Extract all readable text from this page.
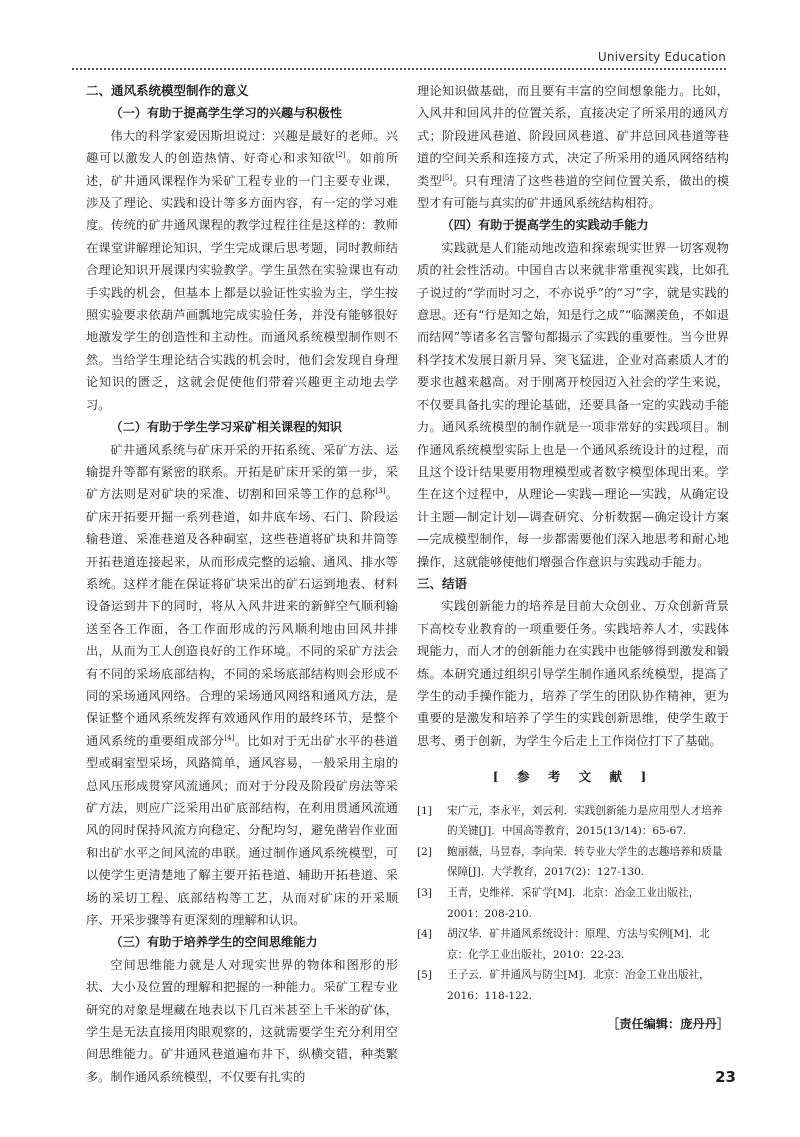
University Education
二、通风系统模型制作的意义
（一）有助于提高学生学习的兴趣与积极性

伟大的科学家爱因斯坦说过：兴趣是最好的老师。兴趣可以激发人的创造热情、好奇心和求知欲[2]。如前所述，矿井通风课程作为采矿工程专业的一门主要专业课，涉及了理论、实践和设计等多方面内容，有一定的学习难度。传统的矿井通风课程的教学过程往往是这样的：教师在课堂讲解理论知识，学生完成课后思考题，同时教师结合理论知识开展课内实验教学。学生虽然在实验课也有动手实践的机会，但基本上都是以验证性实验为主，学生按照实验要求依葫芦画瓢地完成实验任务，并没有能够很好地激发学生的创造性和主动性。而通风系统模型制作则不然。当给学生理论结合实践的机会时，他们会发现自身理论知识的匮乏，这就会促使他们带着兴趣更主动地去学习。

（二）有助于学生学习采矿相关课程的知识

矿井通风系统与矿床开采的开拓系统、采矿方法、运输提升等都有紧密的联系。开拓是矿床开采的第一步，采矿方法则是对矿块的采准、切割和回采等工作的总称[3]。矿床开拓要开掘一系列巷道，如井底车场、石门、阶段运输巷道、采准巷道及各种硐室，这些巷道将矿块和井筒等开拓巷道连接起来，从而形成完整的运输、通风、排水等系统。这样才能在保证将矿块采出的矿石运到地表、材料设备运到井下的同时，将从入风井进来的新鲜空气顺利输送至各工作面，各工作面形成的污风顺利地由回风井排出，从而为工人创造良好的工作环境。不同的采矿方法会有不同的采场底部结构，不同的采场底部结构则会形成不同的采场通风网络。合理的采场通风网络和通风方法，是保证整个通风系统发挥有效通风作用的最终环节，是整个通风系统的重要组成部分[4]。比如对于无出矿水平的巷道型或硐室型采场，风路简单，通风容易，一般采用主扇的总风压形成贯穿风流通风；而对于分段及阶段矿房法等采矿方法，则应广泛采用出矿底部结构，在利用贯通风流通风的同时保持风流方向稳定、分配均匀，避免凿岩作业面和出矿水平之间风流的串联。通过制作通风系统模型，可以使学生更清楚地了解主要开拓巷道、辅助开拓巷道、采场的采切工程、底部结构等工艺，从而对矿床的开采顺序、开采步骤等有更深刻的理解和认识。

（三）有助于培养学生的空间思维能力

空间思维能力就是人对现实世界的物体和图形的形状、大小及位置的理解和把握的一种能力。采矿工程专业研究的对象是埋藏在地表以下几百米甚至上千米的矿体，学生是无法直接用肉眼观察的，这就需要学生充分利用空间思维能力。矿井通风巷道遍布井下，纵横交错，种类繁多。制作通风系统模型，不仅要有扎实的

理论知识做基础，而且要有丰富的空间想象能力。比如，入风井和回风井的位置关系，直接决定了所采用的通风方式；阶段进风巷道、阶段回风巷道、矿井总回风巷道等巷道的空间关系和连接方式，决定了所采用的通风网络结构类型[5]。只有理清了这些巷道的空间位置关系，做出的模型才有可能与真实的矿井通风系统结构相符。

（四）有助于提高学生的实践动手能力

实践就是人们能动地改造和探索现实世界一切客观物质的社会性活动。中国自古以来就非常重视实践，比如孔子说过的“学而时习之，不亦说乎”的“习”字，就是实践的意思。还有“行是知之始，知是行之成”“临渊羡鱼，不如退而结网”等诸多名言警句都揭示了实践的重要性。当今世界科学技术发展日新月异、突飞猛进，企业对高素质人才的要求也越来越高。对于刚离开校园迈入社会的学生来说，不仅要具备扎实的理论基础，还要具备一定的实践动手能力。通风系统模型的制作就是一项非常好的实践项目。制作通风系统模型实际上也是一个通风系统设计的过程，而且这个设计结果要用物理模型或者数字模型体现出来。学生在这个过程中，从理论—实践—理论—实践，从确定设计主题—制定计划—调查研究、分析数据—确定设计方案—完成模型制作，每一步都需要他们深入地思考和耐心地操作，这就能够使他们增强合作意识与实践动手能力。

三、结语

实践创新能力的培养是目前大众创业、万众创新背景下高校专业教育的一项重要任务。实践培养人才，实践体现能力，而人才的创新能力在实践中也能够得到激发和锻炼。本研究通过组织引导学生制作通风系统模型，提高了学生的动手操作能力，培养了学生的团队协作精神，更为重要的是激发和培养了学生的实践创新思维，使学生敢于思考、勇于创新，为学生今后走上工作岗位打下了基础。

[ 参 考 文 献 ]
[1]	宋广元，李永平，刘云利．实践创新能力是应用型人才培养的关键[J]．中国高等教育，2015(13/14)：65-67.
[2]	鲍丽薇，马昱春，李向荣．转专业大学生的志趣培养和质量保障[J]．大学教育，2017(2)：127-130.
[3]	王青，史维祥．采矿学[M]．北京：冶金工业出版社，2001：208-210.
[4]	胡汉华．矿井通风系统设计：原理、方法与实例[M]．北京：化学工业出版社，2010：22-23.
[5]	王子云．矿井通风与防尘[M]．北京：冶金工业出版社，2016：118-122.
［责任编辑：庞丹丹］
23
